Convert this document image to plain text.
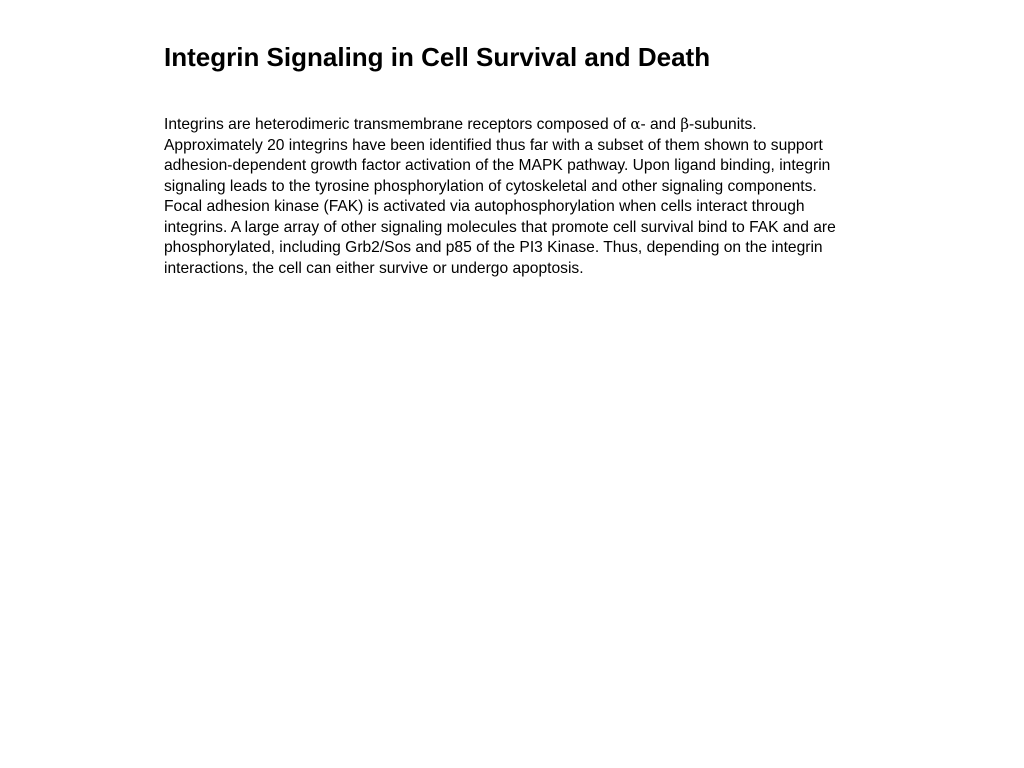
Integrin Signaling in Cell Survival and Death

Integrins are heterodimeric transmembrane receptors composed of α- and β-subunits.
Approximately 20 integrins have been identified thus far with a subset of them shown to support
adhesion-dependent growth factor activation of the MAPK pathway. Upon ligand binding, integrin
signaling leads to the tyrosine phosphorylation of cytoskeletal and other signaling components.
Focal adhesion kinase (FAK) is activated via autophosphorylation when cells interact through
integrins. A large array of other signaling molecules that promote cell survival bind to FAK and are
phosphorylated, including Grb2/Sos and p85 of the PI3 Kinase. Thus, depending on the integrin
interactions, the cell can either survive or undergo apoptosis.
